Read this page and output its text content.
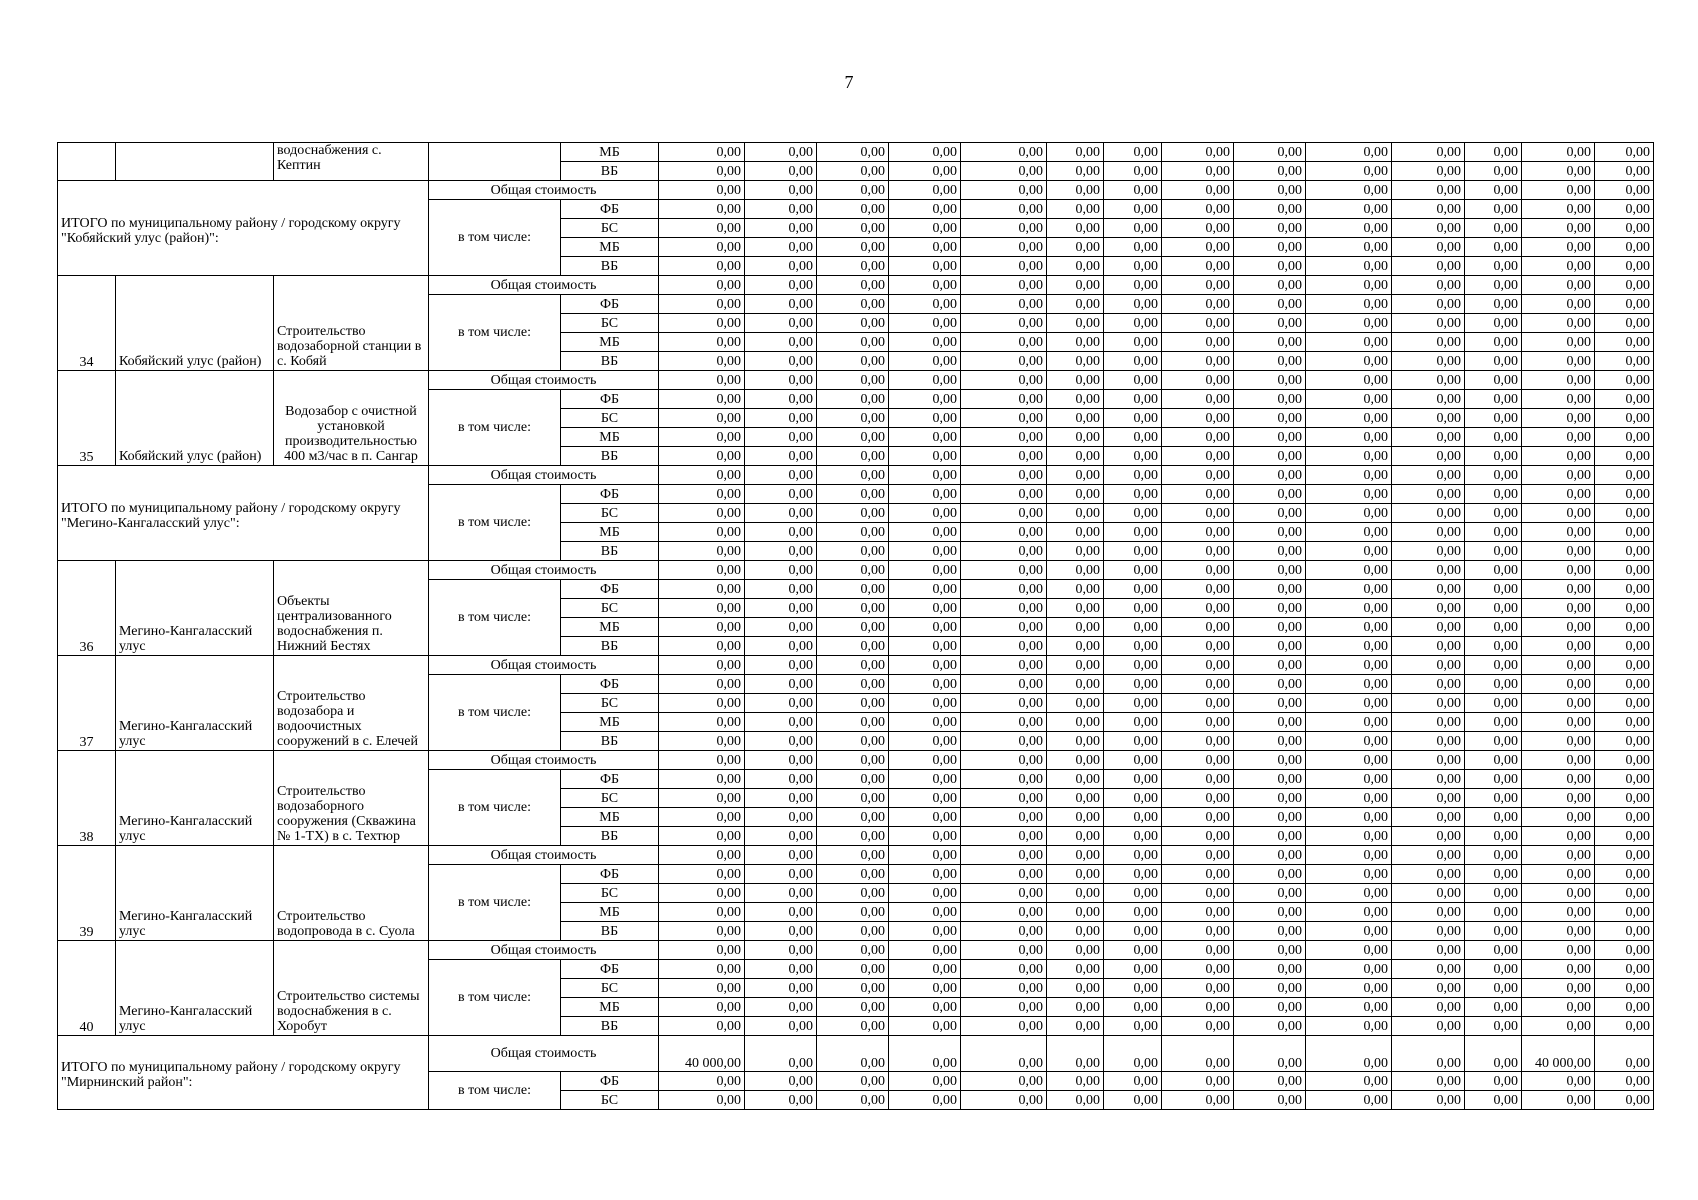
7
		водоснабжения с. Кептин		МБ	0,00	0,00	0,00	0,00	0,00	0,00	0,00	0,00	0,00	0,00	0,00	0,00	0,00	0,00
				ВБ	0,00	0,00	0,00	0,00	0,00	0,00	0,00	0,00	0,00	0,00	0,00	0,00	0,00	0,00
ИТОГО по муниципальному району / городскому округу "Кобяйский улус (район)":			Общая стоимость		0,00	0,00	0,00	0,00	0,00	0,00	0,00	0,00	0,00	0,00	0,00	0,00	0,00	0,00
			в том числе:	ФБ	0,00	0,00	0,00	0,00	0,00	0,00	0,00	0,00	0,00	0,00	0,00	0,00	0,00	0,00
				БС	0,00	0,00	0,00	0,00	0,00	0,00	0,00	0,00	0,00	0,00	0,00	0,00	0,00	0,00
				МБ	0,00	0,00	0,00	0,00	0,00	0,00	0,00	0,00	0,00	0,00	0,00	0,00	0,00	0,00
				ВБ	0,00	0,00	0,00	0,00	0,00	0,00	0,00	0,00	0,00	0,00	0,00	0,00	0,00	0,00
34	Кобяйский улус (район)	Строительство водозаборной станции в с. Кобяй	Общая стоимость		0,00	0,00	0,00	0,00	0,00	0,00	0,00	0,00	0,00	0,00	0,00	0,00	0,00	0,00
			в том числе:	ФБ	0,00	0,00	0,00	0,00	0,00	0,00	0,00	0,00	0,00	0,00	0,00	0,00	0,00	0,00
				БС	0,00	0,00	0,00	0,00	0,00	0,00	0,00	0,00	0,00	0,00	0,00	0,00	0,00	0,00
				МБ	0,00	0,00	0,00	0,00	0,00	0,00	0,00	0,00	0,00	0,00	0,00	0,00	0,00	0,00
				ВБ	0,00	0,00	0,00	0,00	0,00	0,00	0,00	0,00	0,00	0,00	0,00	0,00	0,00	0,00
35	Кобяйский улус (район)	Водозабор с очистной установкой производительностью 400 м3/час в п. Сангар	Общая стоимость		0,00	0,00	0,00	0,00	0,00	0,00	0,00	0,00	0,00	0,00	0,00	0,00	0,00	0,00
			в том числе:	ФБ	0,00	0,00	0,00	0,00	0,00	0,00	0,00	0,00	0,00	0,00	0,00	0,00	0,00	0,00
				БС	0,00	0,00	0,00	0,00	0,00	0,00	0,00	0,00	0,00	0,00	0,00	0,00	0,00	0,00
				МБ	0,00	0,00	0,00	0,00	0,00	0,00	0,00	0,00	0,00	0,00	0,00	0,00	0,00	0,00
				ВБ	0,00	0,00	0,00	0,00	0,00	0,00	0,00	0,00	0,00	0,00	0,00	0,00	0,00	0,00
ИТОГО по муниципальному району / городскому округу "Мегино-Кангаласский улус":			Общая стоимость		0,00	0,00	0,00	0,00	0,00	0,00	0,00	0,00	0,00	0,00	0,00	0,00	0,00	0,00
			в том числе:	ФБ	0,00	0,00	0,00	0,00	0,00	0,00	0,00	0,00	0,00	0,00	0,00	0,00	0,00	0,00
				БС	0,00	0,00	0,00	0,00	0,00	0,00	0,00	0,00	0,00	0,00	0,00	0,00	0,00	0,00
				МБ	0,00	0,00	0,00	0,00	0,00	0,00	0,00	0,00	0,00	0,00	0,00	0,00	0,00	0,00
				ВБ	0,00	0,00	0,00	0,00	0,00	0,00	0,00	0,00	0,00	0,00	0,00	0,00	0,00	0,00
36	Мегино-Кангаласский улус	Объекты централизованного водоснабжения п. Нижний Бестях	Общая стоимость		0,00	0,00	0,00	0,00	0,00	0,00	0,00	0,00	0,00	0,00	0,00	0,00	0,00	0,00
			в том числе:	ФБ	0,00	0,00	0,00	0,00	0,00	0,00	0,00	0,00	0,00	0,00	0,00	0,00	0,00	0,00
				БС	0,00	0,00	0,00	0,00	0,00	0,00	0,00	0,00	0,00	0,00	0,00	0,00	0,00	0,00
				МБ	0,00	0,00	0,00	0,00	0,00	0,00	0,00	0,00	0,00	0,00	0,00	0,00	0,00	0,00
				ВБ	0,00	0,00	0,00	0,00	0,00	0,00	0,00	0,00	0,00	0,00	0,00	0,00	0,00	0,00
37	Мегино-Кангаласский улус	Строительство водозабора и водоочистных сооружений в с. Елечей	Общая стоимость		0,00	0,00	0,00	0,00	0,00	0,00	0,00	0,00	0,00	0,00	0,00	0,00	0,00	0,00
			в том числе:	ФБ	0,00	0,00	0,00	0,00	0,00	0,00	0,00	0,00	0,00	0,00	0,00	0,00	0,00	0,00
				БС	0,00	0,00	0,00	0,00	0,00	0,00	0,00	0,00	0,00	0,00	0,00	0,00	0,00	0,00
				МБ	0,00	0,00	0,00	0,00	0,00	0,00	0,00	0,00	0,00	0,00	0,00	0,00	0,00	0,00
				ВБ	0,00	0,00	0,00	0,00	0,00	0,00	0,00	0,00	0,00	0,00	0,00	0,00	0,00	0,00
38	Мегино-Кангаласский улус	Строительство водозаборного сооружения (Скважина № 1-ТХ) в с. Техтюр	Общая стоимость		0,00	0,00	0,00	0,00	0,00	0,00	0,00	0,00	0,00	0,00	0,00	0,00	0,00	0,00
			в том числе:	ФБ	0,00	0,00	0,00	0,00	0,00	0,00	0,00	0,00	0,00	0,00	0,00	0,00	0,00	0,00
				БС	0,00	0,00	0,00	0,00	0,00	0,00	0,00	0,00	0,00	0,00	0,00	0,00	0,00	0,00
				МБ	0,00	0,00	0,00	0,00	0,00	0,00	0,00	0,00	0,00	0,00	0,00	0,00	0,00	0,00
				ВБ	0,00	0,00	0,00	0,00	0,00	0,00	0,00	0,00	0,00	0,00	0,00	0,00	0,00	0,00
39	Мегино-Кангаласский улус	Строительство водопровода в с. Суола	Общая стоимость		0,00	0,00	0,00	0,00	0,00	0,00	0,00	0,00	0,00	0,00	0,00	0,00	0,00	0,00
			в том числе:	ФБ	0,00	0,00	0,00	0,00	0,00	0,00	0,00	0,00	0,00	0,00	0,00	0,00	0,00	0,00
				БС	0,00	0,00	0,00	0,00	0,00	0,00	0,00	0,00	0,00	0,00	0,00	0,00	0,00	0,00
				МБ	0,00	0,00	0,00	0,00	0,00	0,00	0,00	0,00	0,00	0,00	0,00	0,00	0,00	0,00
				ВБ	0,00	0,00	0,00	0,00	0,00	0,00	0,00	0,00	0,00	0,00	0,00	0,00	0,00	0,00
40	Мегино-Кангаласский улус	Строительство системы водоснабжения в с. Хоробут	Общая стоимость		0,00	0,00	0,00	0,00	0,00	0,00	0,00	0,00	0,00	0,00	0,00	0,00	0,00	0,00
			в том числе:	ФБ	0,00	0,00	0,00	0,00	0,00	0,00	0,00	0,00	0,00	0,00	0,00	0,00	0,00	0,00
				БС	0,00	0,00	0,00	0,00	0,00	0,00	0,00	0,00	0,00	0,00	0,00	0,00	0,00	0,00
				МБ	0,00	0,00	0,00	0,00	0,00	0,00	0,00	0,00	0,00	0,00	0,00	0,00	0,00	0,00
				ВБ	0,00	0,00	0,00	0,00	0,00	0,00	0,00	0,00	0,00	0,00	0,00	0,00	0,00	0,00
ИТОГО по муниципальному району / городскому округу "Мирнинский район":			Общая стоимость		40 000,00	0,00	0,00	0,00	0,00	0,00	0,00	0,00	0,00	0,00	0,00	0,00	40 000,00	0,00
			в том числе:	ФБ	0,00	0,00	0,00	0,00	0,00	0,00	0,00	0,00	0,00	0,00	0,00	0,00	0,00	0,00
				БС	0,00	0,00	0,00	0,00	0,00	0,00	0,00	0,00	0,00	0,00	0,00	0,00	0,00	0,00
